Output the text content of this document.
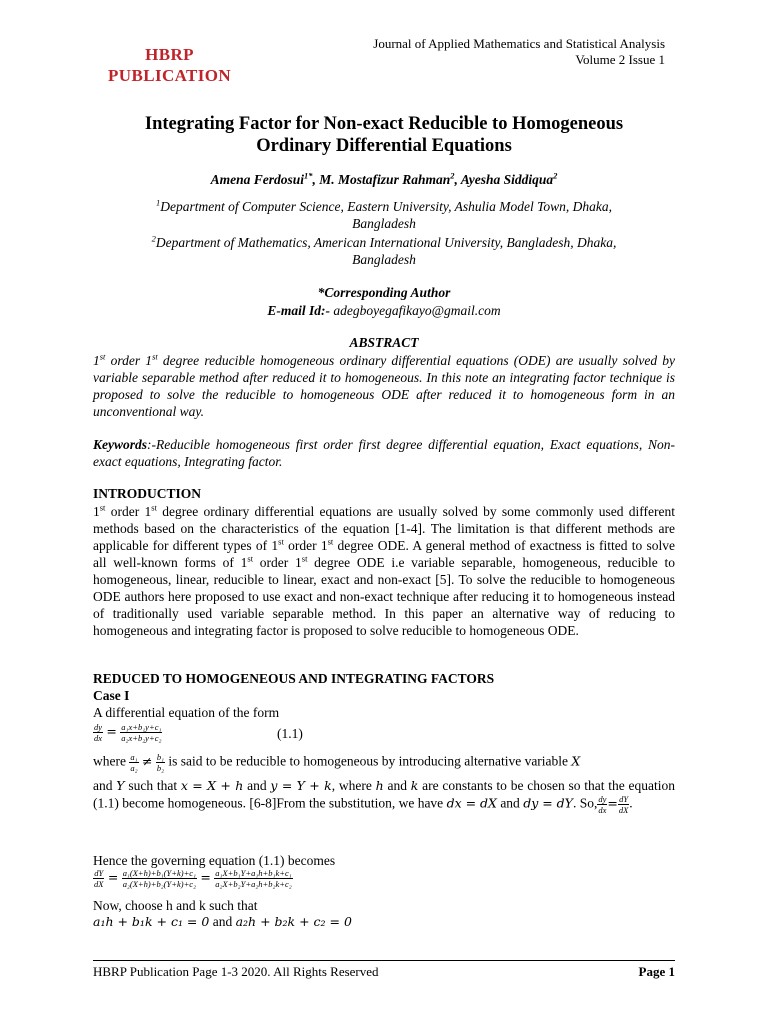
HBRP
PUBLICATION
Journal of Applied Mathematics and Statistical Analysis
Volume 2 Issue 1
Integrating Factor for Non-exact Reducible to Homogeneous
Ordinary Differential Equations
Amena Ferdosui$^{1*}$, M. Mostafizur Rahman$^2$, Ayesha Siddiqua$^2$
$^1$Department of Computer Science, Eastern University, Ashulia Model Town, Dhaka,
Bangladesh
$^2$Department of Mathematics, American International University, Bangladesh, Dhaka,
Bangladesh
*Corresponding Author
E-mail Id:- adegboyegafikayo@gmail.com
ABSTRACT
1st order 1st degree reducible homogeneous ordinary differential equations (ODE) are usually solved by variable separable method after reduced it to homogeneous. In this note an integrating factor technique is proposed to solve the reducible to homogeneous ODE after reduced it to homogeneous form in an unconventional way.
Keywords:-Reducible homogeneous first order first degree differential equation, Exact equations, Non-exact equations, Integrating factor.
INTRODUCTION
1st order 1st degree ordinary differential equations are usually solved by some commonly used different methods based on the characteristics of the equation [1-4]. The limitation is that different methods are applicable for different types of 1st order 1st degree ODE. A general method of exactness is fitted to solve all well-known forms of 1st order 1st degree ODE i.e variable separable, homogeneous, reducible to homogeneous, linear, reducible to linear, exact and non-exact [5]. To solve the reducible to homogeneous ODE authors here proposed to use exact and non-exact technique after reducing it to homogeneous instead of traditionally used variable separable method. In this paper an alternative way of reducing to homogeneous and integrating factor is proposed to solve reducible to homogeneous ODE.
REDUCED TO HOMOGENEOUS AND INTEGRATING FACTORS
Case I
A differential equation of the form
$\frac{dy}{dx} = \frac{\text{a₁x+b₁y+c₁}}{\text{a₂x+b₂y+c₂}}$	(1.1)
where $\frac{\text{a₁}}{\text{a₂}} \ne \frac{\text{b₁}}{\text{b₂}}$ is said to be reducible to homogeneous by introducing alternative variable X
and Y such that x = X + h and y = Y + k, where h and k are constants to be chosen so that the equation (1.1) become homogeneous. [6-8]From the substitution, we have dx = dX and dy = dY. So, $\frac{dy}{dx} = \frac{dY}{dX}$ .
Hence the governing equation (1.1) becomes
$\frac{dY}{dX} = \frac{\text{a₁(X+h)+b₁(Y+k)+c₁}}{\text{a₂(X+h)+b₂(Y+k)+c₂}} = \frac{\text{a₁X+b₁Y+a₁h+b₁k+c₁}}{\text{a₂X+b₂Y+a₂h+b₂k+c₂}}$
Now, choose h and k such that
a₁h + b₁k + c₁ = 0 and a₂h + b₂k + c₂ = 0
HBRP Publication Page 1-3 2020. All Rights Reserved	Page 1
